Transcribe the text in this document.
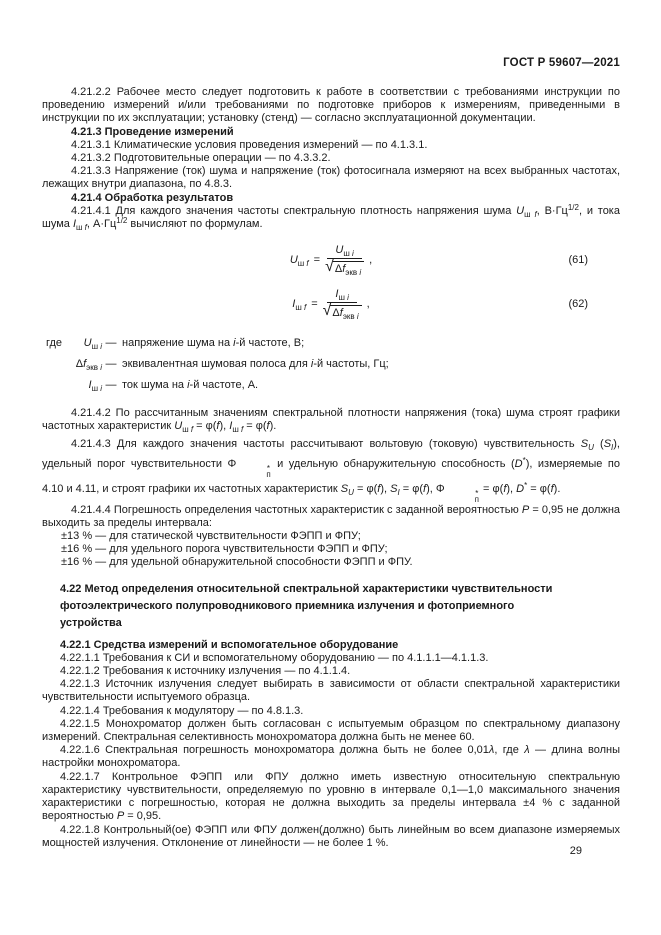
ГОСТ Р 59607—2021

4.21.2.2 Рабочее место следует подготовить к работе в соответствии с требованиями инструкции по проведению измерений и/или требованиями по подготовке приборов к измерениям, приведенными в инструкции по их эксплуатации; установку (стенд) — согласно эксплуатационной документации.

4.21.3 Проведение измерений

4.21.3.1 Климатические условия проведения измерений — по 4.1.3.1.

4.21.3.2 Подготовительные операции — по 4.3.3.2.

4.21.3.3 Напряжение (ток) шума и напряжение (ток) фотосигнала измеряют на всех выбранных частотах, лежащих внутри диапазона, по 4.8.3.

4.21.4 Обработка результатов

4.21.4.1 Для каждого значения частоты спектральную плотность напряжения шума $U_ш$ $_f$, $В\cdot Гц^{1/2}$, и тока шума $I_ш$ $_f$, $А\cdot Гц^{1/2}$ вычисляют по формулам.

$U_{ш f} = \frac{U_{ш i}}{√ \Delta f_{экв i}}$ ,	(61)
$I_{ш f} = \frac{I_{ш i}}{√ \Delta f_{экв i}}$ ,	(62)
где	$U_{ш i}$ — напряжение шума на i-й частоте, В;
$\Delta f_{экв i}$ — эквивалентная шумовая полоса для i-й частоты, Гц;
$I_{ш i}$ — ток шума на i-й частоте, А.

4.21.4.2 По рассчитанным значениям спектральной плотности напряжения (тока) шума строят графики частотных характеристик $U_ш$ $_f$ = φ(f), $I_ш$ $_f$ = φ(f).

4.21.4.3 Для каждого значения частоты рассчитывают вольтовую (токовую) чувствительность $S_U$ $(S_I)$, удельный порог чувствительности Φ	*
п
и удельную обнаружительную способность (D*), измеряемые по 4.10 и 4.11, и строят графики их частотных характеристик $S_U = \varphi(f)$, $S_I = \varphi(f)$, Φ	*
п
= φ(f), D* = φ(f).

4.21.4.4 Погрешность определения частотных характеристик с заданной вероятностью P = 0,95 не должна выходить за пределы интервала:

±13 % — для статической чувствительности ФЭПП и ФПУ;

±16 % — для удельного порога чувствительности ФЭПП и ФПУ;

±16 % — для удельной обнаружительной способности ФЭПП и ФПУ.

4.22 Метод определения относительной спектральной характеристики чувствительности
фотоэлектрического полупроводникового приемника излучения и фотоприемного
устройства

4.22.1 Средства измерений и вспомогательное оборудование

4.22.1.1 Требования к СИ и вспомогательному оборудованию — по 4.1.1.1—4.1.1.3.

4.22.1.2 Требования к источнику излучения — по 4.1.1.4.

4.22.1.3 Источник излучения следует выбирать в зависимости от области спектральной характеристики чувствительности испытуемого образца.

4.22.1.4 Требования к модулятору — по 4.8.1.3.

4.22.1.5 Монохроматор должен быть согласован с испытуемым образцом по спектральному диапазону измерений. Спектральная селективность монохроматора должна быть не менее 60.

4.22.1.6 Спектральная погрешность монохроматора должна быть не более 0,01λ, где λ — длина волны настройки монохроматора.

4.22.1.7 Контрольное ФЭПП или ФПУ должно иметь известную относительную спектральную характеристику чувствительности, определяемую по уровню в интервале 0,1—1,0 максимального значения характеристики с погрешностью, которая не должна выходить за пределы интервала ±4 % с заданной вероятностью P = 0,95.

4.22.1.8 Контрольный(ое) ФЭПП или ФПУ должен(должно) быть линейным во всем диапазоне измеряемых мощностей излучения. Отклонение от линейности — не более 1 %.

29
